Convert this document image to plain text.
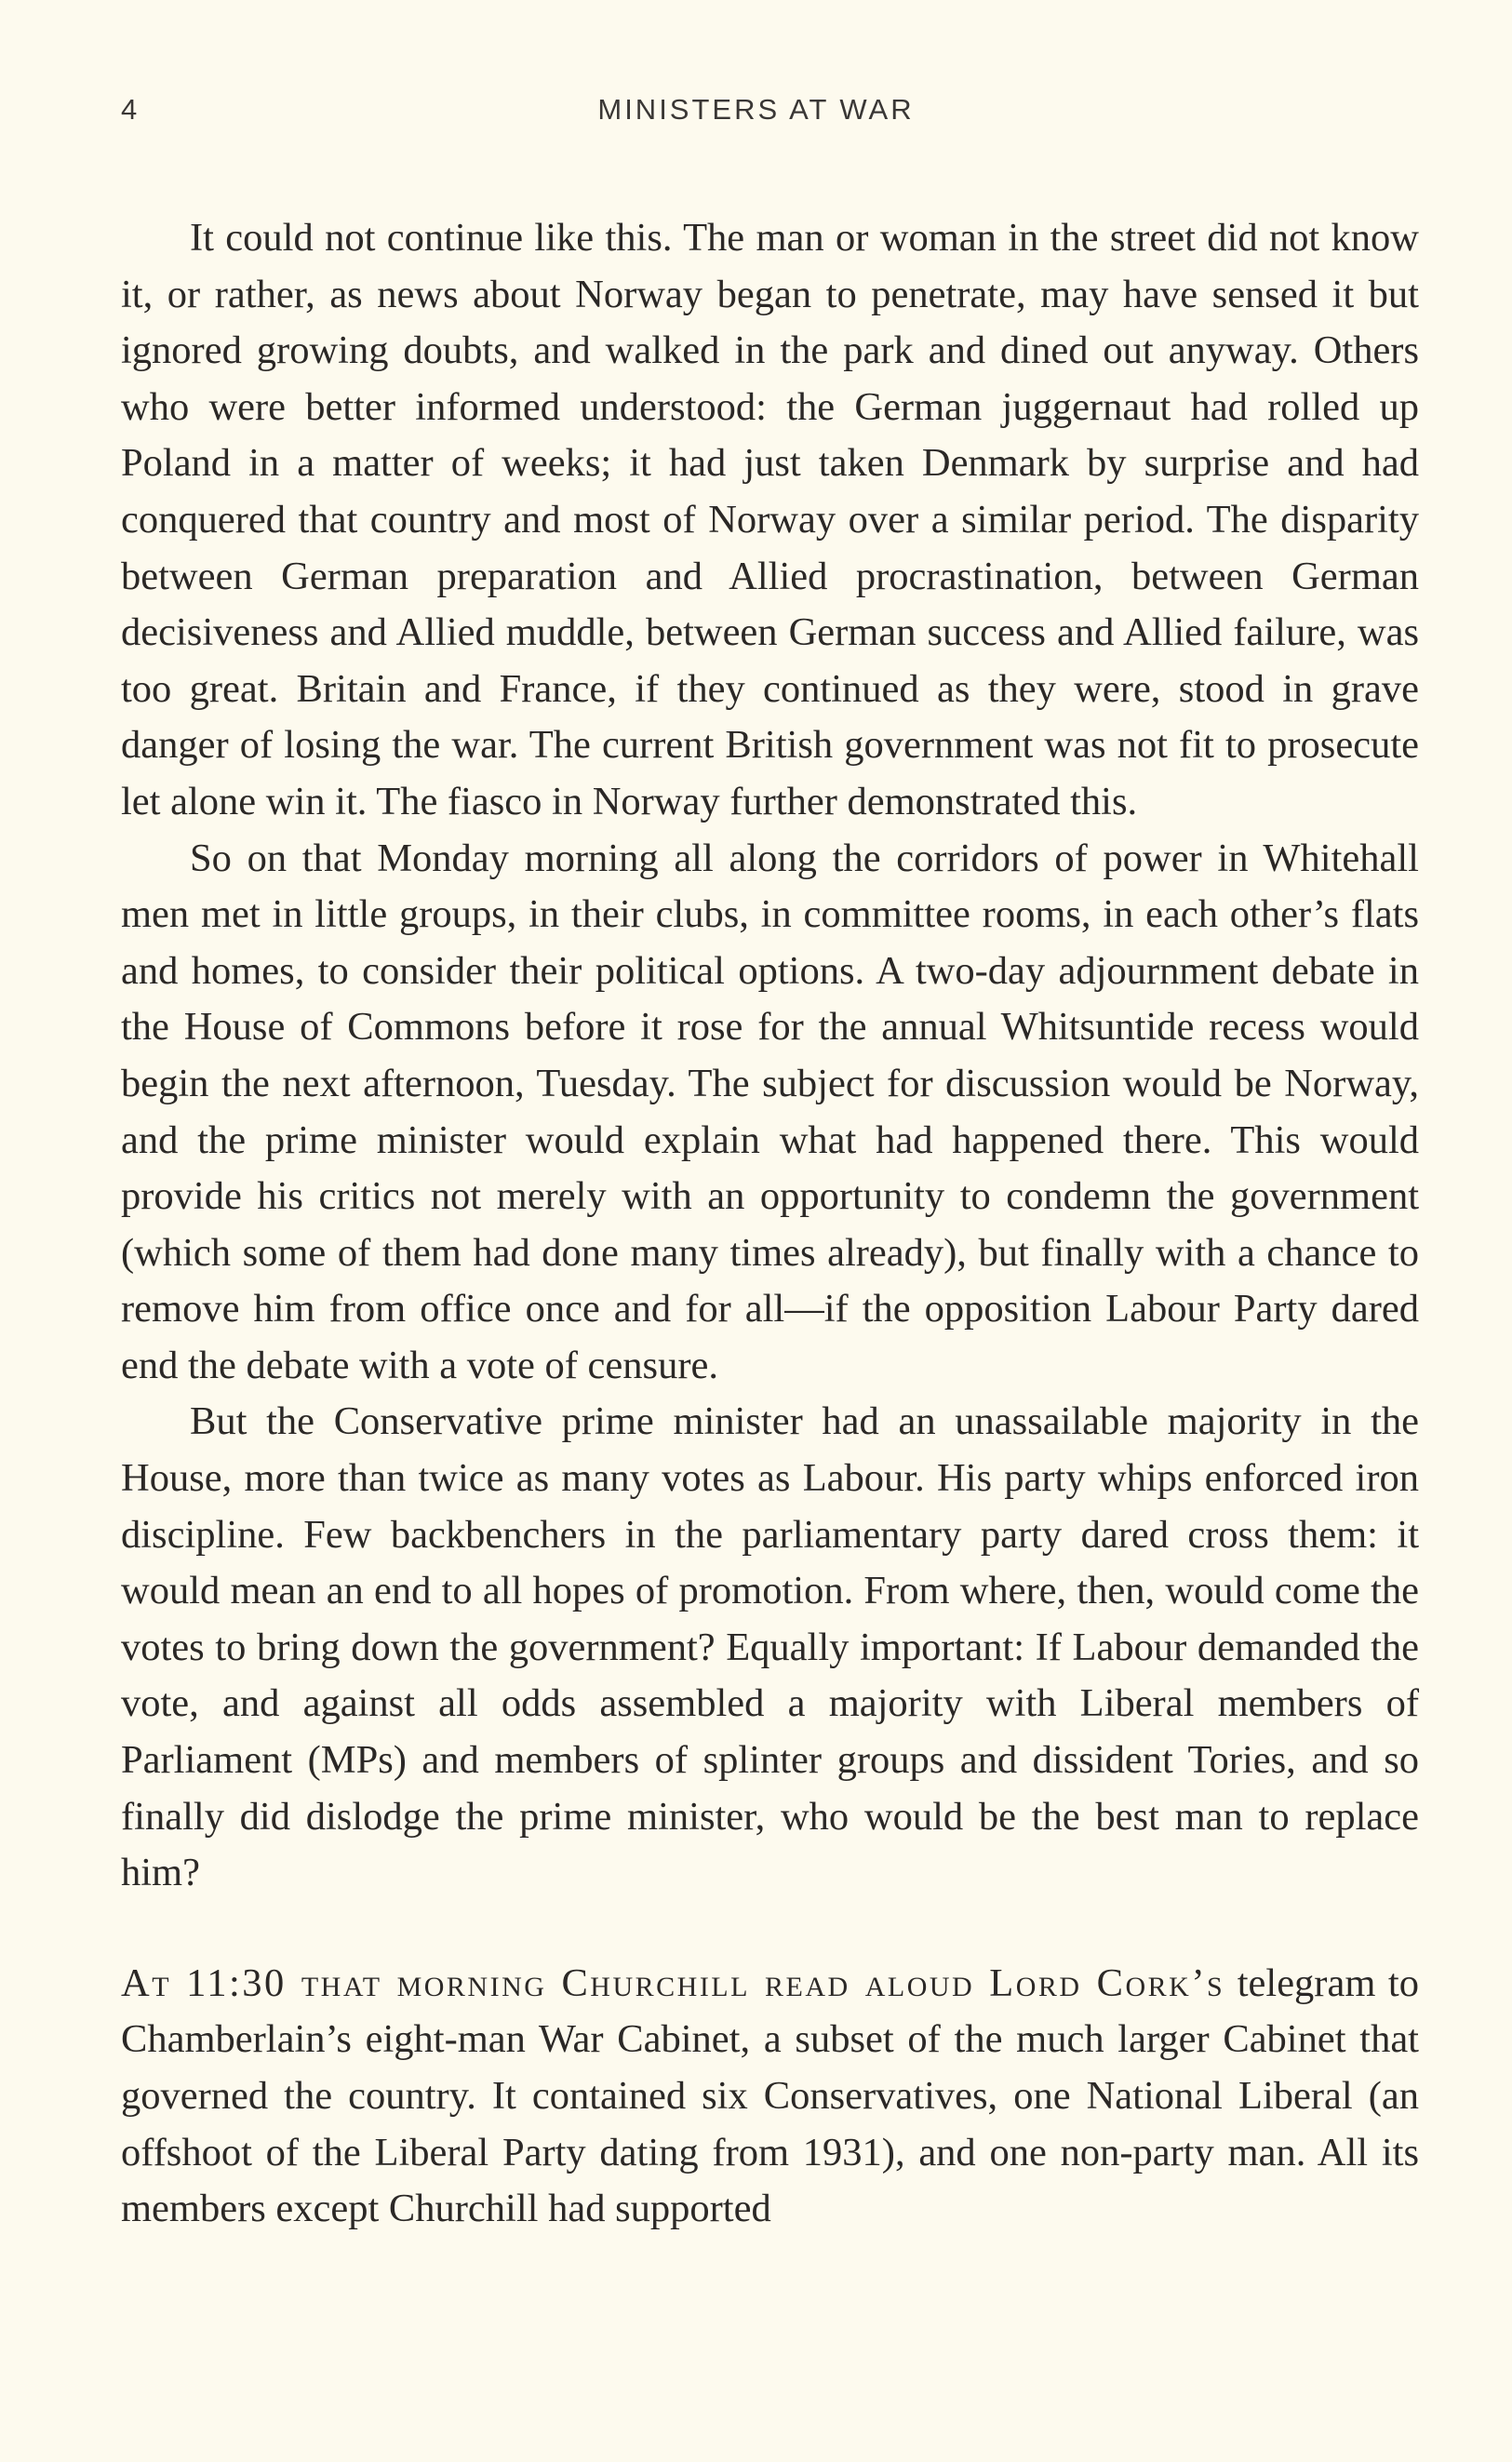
4	MINISTERS AT WAR

It could not continue like this. The man or woman in the street did not know it, or rather, as news about Norway began to penetrate, may have sensed it but ignored growing doubts, and walked in the park and dined out anyway. Others who were better informed understood: the German juggernaut had rolled up Poland in a matter of weeks; it had just taken Denmark by surprise and had conquered that country and most of Norway over a similar period. The disparity between German preparation and Allied procrastination, between German decisiveness and Allied muddle, between German success and Allied failure, was too great. Britain and France, if they continued as they were, stood in grave danger of losing the war. The current British government was not fit to prosecute let alone win it. The fiasco in Norway further demonstrated this.

So on that Monday morning all along the corridors of power in Whitehall men met in little groups, in their clubs, in committee rooms, in each other’s flats and homes, to consider their political options. A two-day adjournment debate in the House of Commons before it rose for the annual Whitsuntide recess would begin the next afternoon, Tuesday. The subject for discussion would be Norway, and the prime minister would explain what had happened there. This would provide his critics not merely with an opportunity to condemn the government (which some of them had done many times already), but finally with a chance to remove him from office once and for all—if the opposition Labour Party dared end the debate with a vote of censure.

But the Conservative prime minister had an unassailable majority in the House, more than twice as many votes as Labour. His party whips enforced iron discipline. Few backbenchers in the parliamentary party dared cross them: it would mean an end to all hopes of promotion. From where, then, would come the votes to bring down the government? Equally important: If Labour demanded the vote, and against all odds assembled a majority with Liberal members of Parliament (MPs) and members of splinter groups and dissident Tories, and so finally did dislodge the prime minister, who would be the best man to replace him?

At 11:30 that morning Churchill read aloud Lord Cork’s telegram to Chamberlain’s eight-man War Cabinet, a subset of the much larger Cabinet that governed the country. It contained six Conservatives, one National Liberal (an offshoot of the Liberal Party dating from 1931), and one non-party man. All its members except Churchill had supported
